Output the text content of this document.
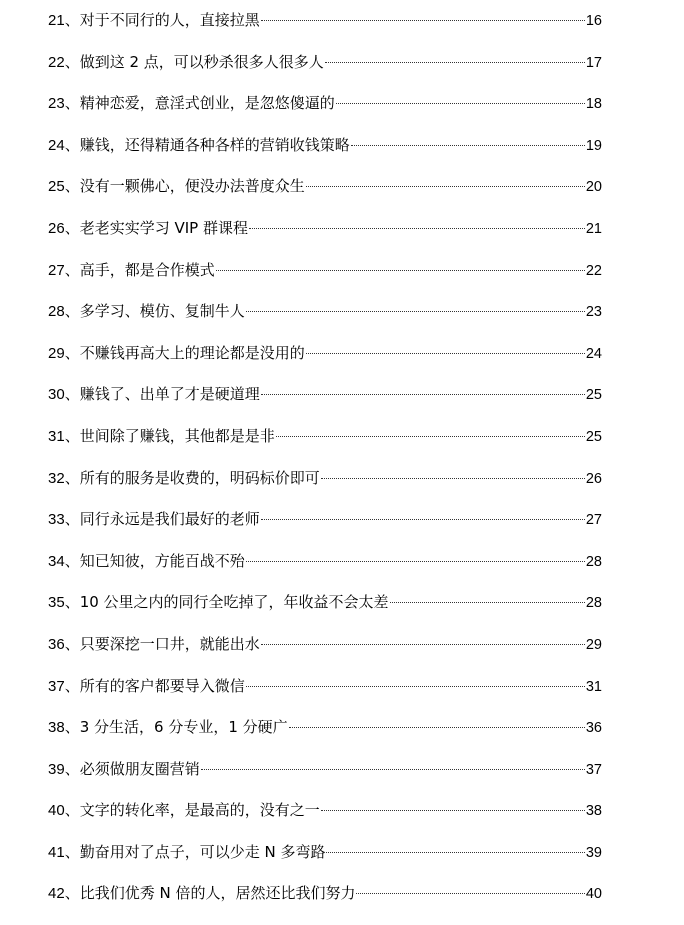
21、对于不同行的人，直接拉黑	16
22、做到这 2 点，可以秒杀很多人很多人	17
23、精神恋爱，意淫式创业，是忽悠傻逼的	18
24、赚钱，还得精通各种各样的营销收钱策略	19
25、没有一颗佛心，便没办法普度众生	20
26、老老实实学习 VIP 群课程	21
27、高手，都是合作模式	22
28、多学习、模仿、复制牛人	23
29、不赚钱再高大上的理论都是没用的	24
30、赚钱了、出单了才是硬道理	25
31、世间除了赚钱，其他都是是非	25
32、所有的服务是收费的，明码标价即可	26
33、同行永远是我们最好的老师	27
34、知已知彼，方能百战不殆	28
35、10 公里之内的同行全吃掉了，年收益不会太差	28
36、只要深挖一口井，就能出水	29
37、所有的客户都要导入微信	31
38、3 分生活，6 分专业，1 分硬广	36
39、必须做朋友圈营销	37
40、文字的转化率，是最高的，没有之一	38
41、勤奋用对了点子，可以少走 N 多弯路	39
42、比我们优秀 N 倍的人，居然还比我们努力	40
